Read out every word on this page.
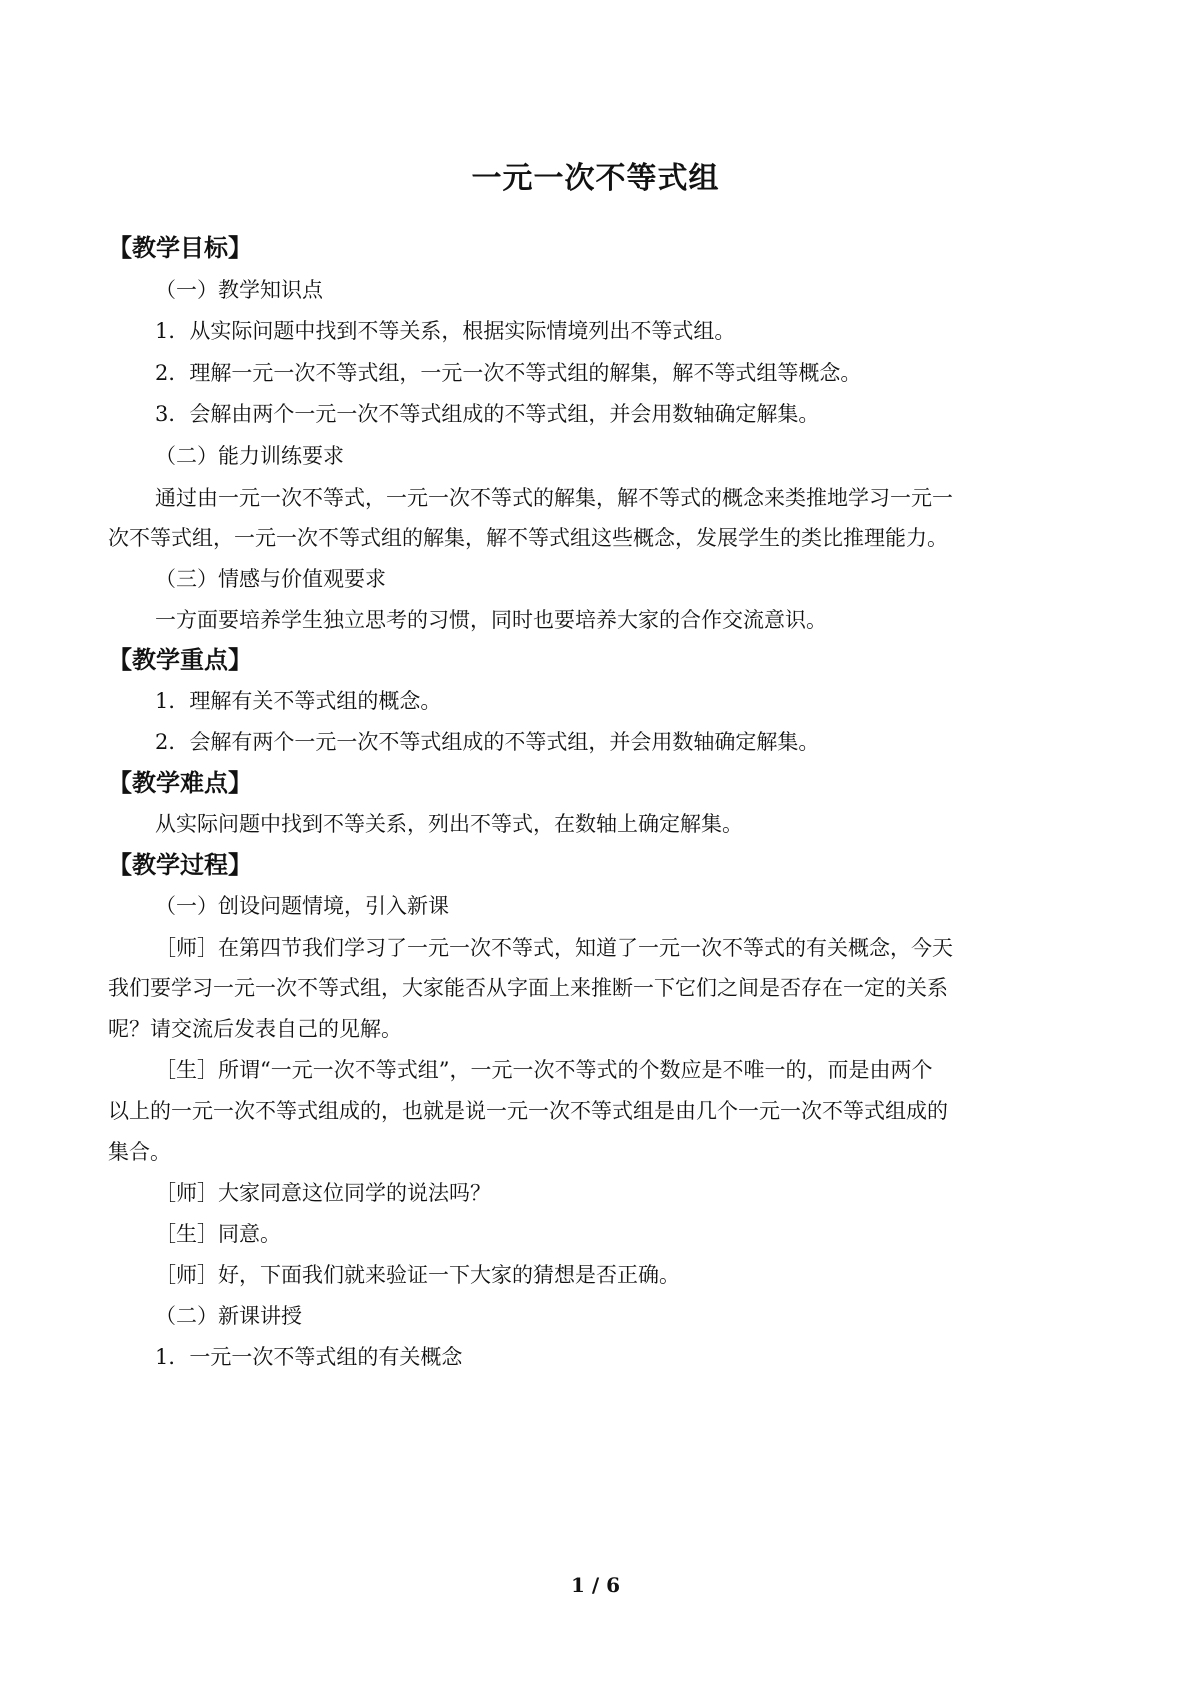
一元一次不等式组
【教学目标】
（一）教学知识点
1．从实际问题中找到不等关系，根据实际情境列出不等式组。
2．理解一元一次不等式组，一元一次不等式组的解集，解不等式组等概念。
3．会解由两个一元一次不等式组成的不等式组，并会用数轴确定解集。
（二）能力训练要求
通过由一元一次不等式，一元一次不等式的解集，解不等式的概念来类推地学习一元一
次不等式组，一元一次不等式组的解集，解不等式组这些概念，发展学生的类比推理能力。
（三）情感与价值观要求
一方面要培养学生独立思考的习惯，同时也要培养大家的合作交流意识。
【教学重点】
1．理解有关不等式组的概念。
2．会解有两个一元一次不等式组成的不等式组，并会用数轴确定解集。
【教学难点】
从实际问题中找到不等关系，列出不等式，在数轴上确定解集。
【教学过程】
（一）创设问题情境，引入新课
［师］在第四节我们学习了一元一次不等式，知道了一元一次不等式的有关概念，今天
我们要学习一元一次不等式组，大家能否从字面上来推断一下它们之间是否存在一定的关系
呢？请交流后发表自己的见解。
［生］所谓“一元一次不等式组”，一元一次不等式的个数应是不唯一的，而是由两个
以上的一元一次不等式组成的，也就是说一元一次不等式组是由几个一元一次不等式组成的
集合。
［师］大家同意这位同学的说法吗？
［生］同意。
［师］好，下面我们就来验证一下大家的猜想是否正确。
（二）新课讲授
1．一元一次不等式组的有关概念
1 / 6
